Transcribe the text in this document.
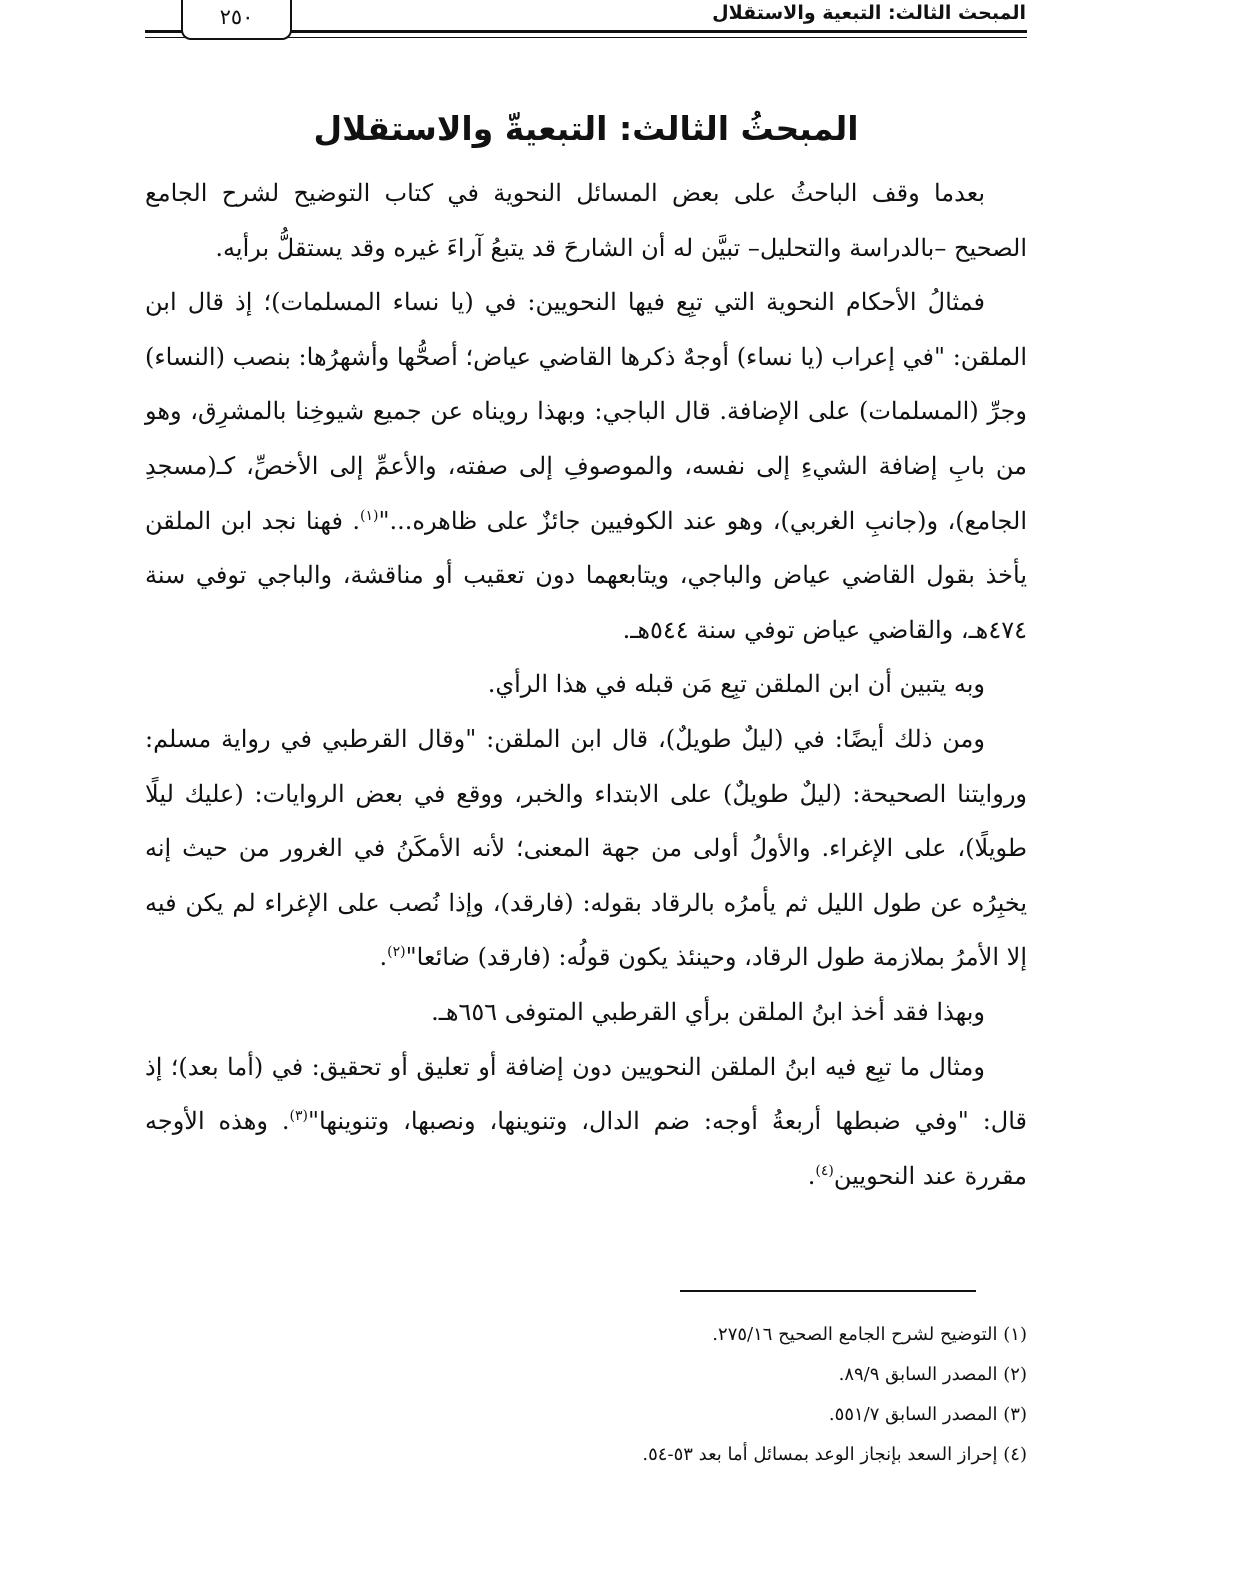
المبحث الثالث: التبعية والاستقلال
٢٥٠
المبحثُ الثالث: التبعيةّ والاستقلال

بعدما وقف الباحثُ على بعض المسائل النحوية في كتاب التوضيح لشرح الجامع الصحيح –بالدراسة والتحليل– تبيَّن له أن الشارحَ قد يتبعُ آراءَ غيره وقد يستقلُّ برأيه.

فمثالُ الأحكام النحوية التي تبِع فيها النحويين: في (يا نساء المسلمات)؛ إذ قال ابن الملقن: "في إعراب (يا نساء) أوجهٌ ذكرها القاضي عياض؛ أصحُّها وأشهرُها: بنصب (النساء) وجرِّ (المسلمات) على الإضافة. قال الباجي: وبهذا رويناه عن جميع شيوخِنا بالمشرِق، وهو من بابِ إضافة الشيءِ إلى نفسه، والموصوفِ إلى صفته، والأعمِّ إلى الأخصِّ، كـ(مسجدِ الجامع)، و(جانبِ الغربي)، وهو عند الكوفيين جائزٌ على ظاهره..."$^{(١)}$. فهنا نجد ابن الملقن يأخذ بقول القاضي عياض والباجي، ويتابعهما دون تعقيب أو مناقشة، والباجي توفي سنة ٤٧٤هـ، والقاضي عياض توفي سنة ٥٤٤هـ.

وبه يتبين أن ابن الملقن تبِع مَن قبله في هذا الرأي.

ومن ذلك أيضًا: في (ليلٌ طويلٌ)، قال ابن الملقن: "وقال القرطبي في رواية مسلم: وروايتنا الصحيحة: (ليلٌ طويلٌ) على الابتداء والخبر، ووقع في بعض الروايات: (عليك ليلًا طويلًا)، على الإغراء. والأولُ أولى من جهة المعنى؛ لأنه الأمكَنُ في الغرور من حيث إنه يخبِرُه عن طول الليل ثم يأمرُه بالرقاد بقوله: (فارقد)، وإذا نُصب على الإغراء لم يكن فيه إلا الأمرُ بملازمة طول الرقاد، وحينئذ يكون قولُه: (فارقد) ضائعا"$^{(٢)}$.

وبهذا فقد أخذ ابنُ الملقن برأي القرطبي المتوفى ٦٥٦هـ.

ومثال ما تبِع فيه ابنُ الملقن النحويين دون إضافة أو تعليق أو تحقيق: في (أما بعد)؛ إذ قال: "وفي ضبطها أربعةُ أوجه: ضم الدال، وتنوينها، ونصبها، وتنوينها"$^{(٣)}$. وهذه الأوجه مقررة عند النحويين$^{(٤)}$.

(١) التوضيح لشرح الجامع الصحيح ٢٧٥/١٦.

(٢) المصدر السابق ٨٩/٩.

(٣) المصدر السابق ٥٥١/٧.

(٤) إحراز السعد بإنجاز الوعد بمسائل أما بعد ٥٣-٥٤.
